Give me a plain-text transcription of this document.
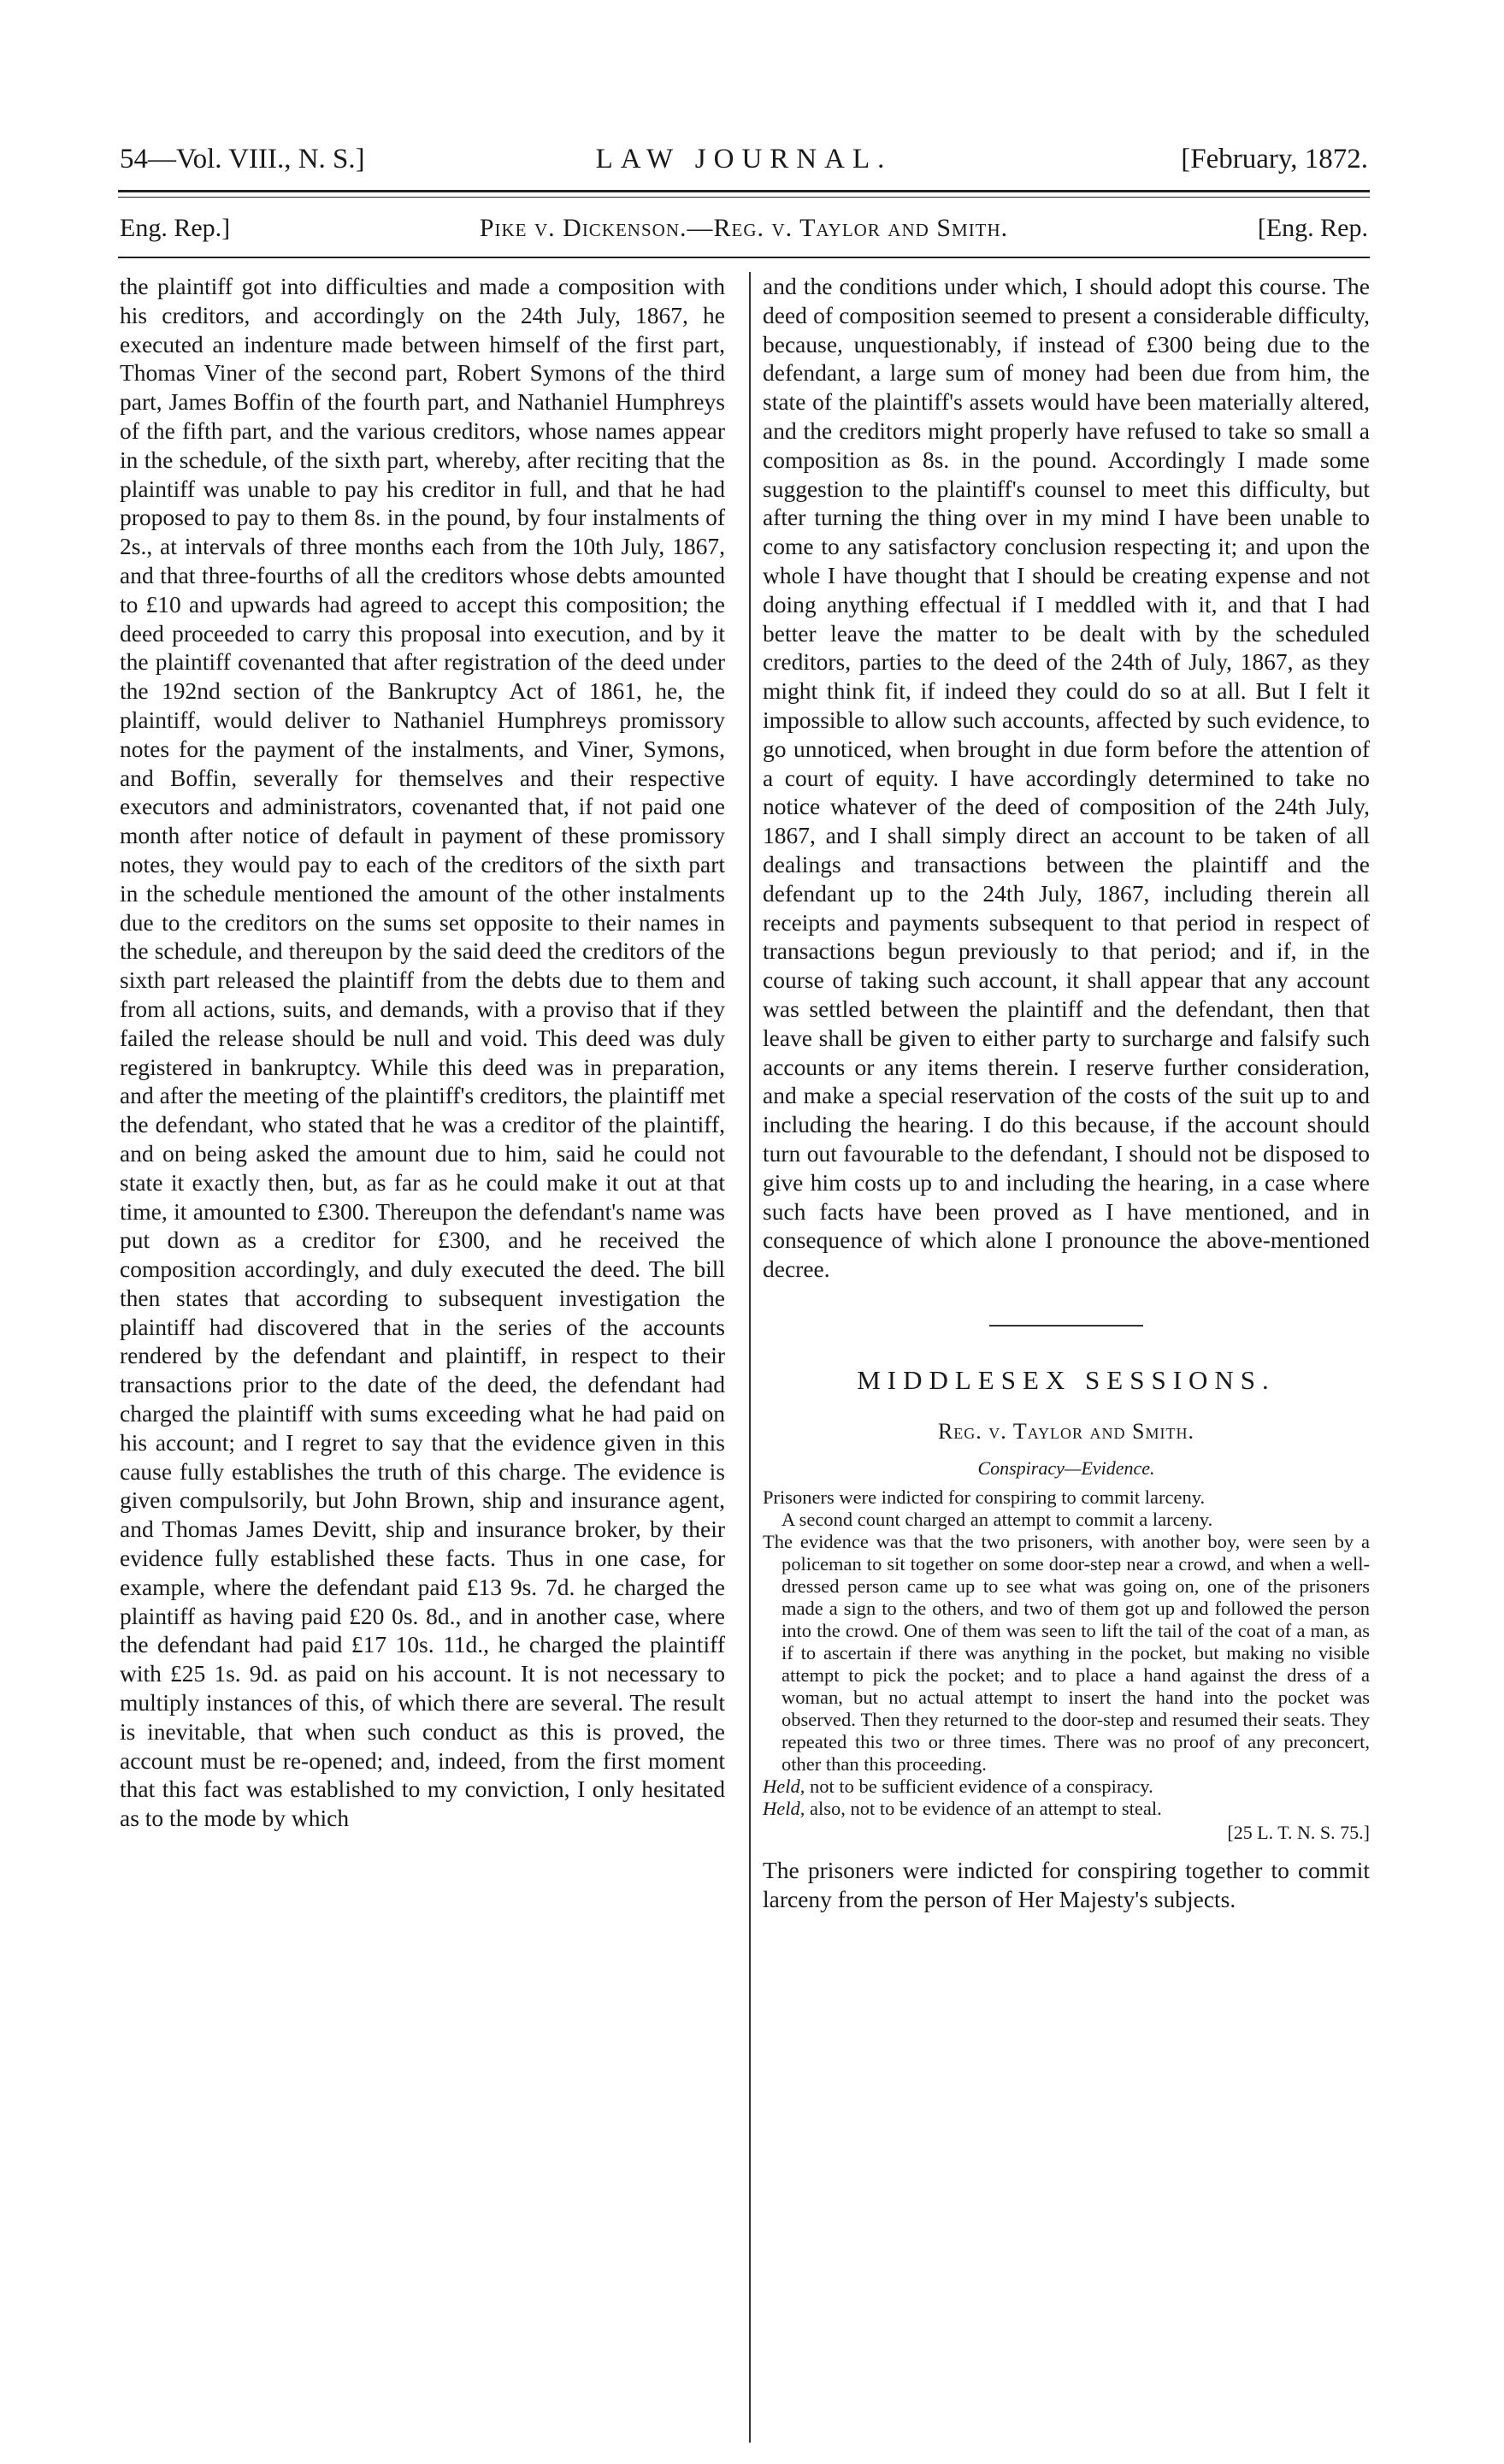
54—Vol. VIII., N. S.]	LAW JOURNAL.	[February, 1872.
Eng. Rep.]	Pike v. Dickenson.—Reg. v. Taylor and Smith.	[Eng. Rep.

the plaintiff got into difficulties and made a composition with his creditors, and accordingly on the 24th July, 1867, he executed an indenture made between himself of the first part, Thomas Viner of the second part, Robert Symons of the third part, James Boffin of the fourth part, and Nathaniel Humphreys of the fifth part, and the various creditors, whose names appear in the schedule, of the sixth part, whereby, after reciting that the plaintiff was unable to pay his creditor in full, and that he had proposed to pay to them 8s. in the pound, by four instalments of 2s., at intervals of three months each from the 10th July, 1867, and that three-fourths of all the creditors whose debts amounted to £10 and upwards had agreed to accept this composition; the deed proceeded to carry this proposal into execution, and by it the plaintiff covenanted that after registration of the deed under the 192nd section of the Bankruptcy Act of 1861, he, the plaintiff, would deliver to Nathaniel Humphreys promissory notes for the payment of the instalments, and Viner, Symons, and Boffin, severally for themselves and their respective executors and administrators, covenanted that, if not paid one month after notice of default in payment of these promissory notes, they would pay to each of the creditors of the sixth part in the schedule mentioned the amount of the other instalments due to the creditors on the sums set opposite to their names in the schedule, and thereupon by the said deed the creditors of the sixth part released the plaintiff from the debts due to them and from all actions, suits, and demands, with a proviso that if they failed the release should be null and void. This deed was duly registered in bankruptcy. While this deed was in preparation, and after the meeting of the plaintiff's creditors, the plaintiff met the defendant, who stated that he was a creditor of the plaintiff, and on being asked the amount due to him, said he could not state it exactly then, but, as far as he could make it out at that time, it amounted to £300. Thereupon the defendant's name was put down as a creditor for £300, and he received the composition accordingly, and duly executed the deed. The bill then states that according to subsequent investigation the plaintiff had discovered that in the series of the accounts rendered by the defendant and plaintiff, in respect to their transactions prior to the date of the deed, the defendant had charged the plaintiff with sums exceeding what he had paid on his account; and I regret to say that the evidence given in this cause fully establishes the truth of this charge. The evidence is given compulsorily, but John Brown, ship and insurance agent, and Thomas James Devitt, ship and insurance broker, by their evidence fully established these facts. Thus in one case, for example, where the defendant paid £13 9s. 7d. he charged the plaintiff as having paid £20 0s. 8d., and in another case, where the defendant had paid £17 10s. 11d., he charged the plaintiff with £25 1s. 9d. as paid on his account. It is not necessary to multiply instances of this, of which there are several. The result is inevitable, that when such conduct as this is proved, the account must be re-opened; and, indeed, from the first moment that this fact was established to my conviction, I only hesitated as to the mode by which

and the conditions under which, I should adopt this course. The deed of composition seemed to present a considerable difficulty, because, unquestionably, if instead of £300 being due to the defendant, a large sum of money had been due from him, the state of the plaintiff's assets would have been materially altered, and the creditors might properly have refused to take so small a composition as 8s. in the pound. Accordingly I made some suggestion to the plaintiff's counsel to meet this difficulty, but after turning the thing over in my mind I have been unable to come to any satisfactory conclusion respecting it; and upon the whole I have thought that I should be creating expense and not doing anything effectual if I meddled with it, and that I had better leave the matter to be dealt with by the scheduled creditors, parties to the deed of the 24th of July, 1867, as they might think fit, if indeed they could do so at all. But I felt it impossible to allow such accounts, affected by such evidence, to go unnoticed, when brought in due form before the attention of a court of equity. I have accordingly determined to take no notice whatever of the deed of composition of the 24th July, 1867, and I shall simply direct an account to be taken of all dealings and transactions between the plaintiff and the defendant up to the 24th July, 1867, including therein all receipts and payments subsequent to that period in respect of transactions begun previously to that period; and if, in the course of taking such account, it shall appear that any account was settled between the plaintiff and the defendant, then that leave shall be given to either party to surcharge and falsify such accounts or any items therein. I reserve further consideration, and make a special reservation of the costs of the suit up to and including the hearing. I do this because, if the account should turn out favourable to the defendant, I should not be disposed to give him costs up to and including the hearing, in a case where such facts have been proved as I have mentioned, and in consequence of which alone I pronounce the above-mentioned decree.

MIDDLESEX SESSIONS.
Reg. v. Taylor and Smith.
Conspiracy—Evidence.

Prisoners were indicted for conspiring to commit larceny.

A second count charged an attempt to commit a larceny.

The evidence was that the two prisoners, with another boy, were seen by a policeman to sit together on some door-step near a crowd, and when a well-dressed person came up to see what was going on, one of the prisoners made a sign to the others, and two of them got up and followed the person into the crowd. One of them was seen to lift the tail of the coat of a man, as if to ascertain if there was anything in the pocket, but making no visible attempt to pick the pocket; and to place a hand against the dress of a woman, but no actual attempt to insert the hand into the pocket was observed. Then they returned to the door-step and resumed their seats. They repeated this two or three times. There was no proof of any preconcert, other than this proceeding.

Held, not to be sufficient evidence of a conspiracy.

Held, also, not to be evidence of an attempt to steal.

[25 L. T. N. S. 75.]

The prisoners were indicted for conspiring together to commit larceny from the person of Her Majesty's subjects.
